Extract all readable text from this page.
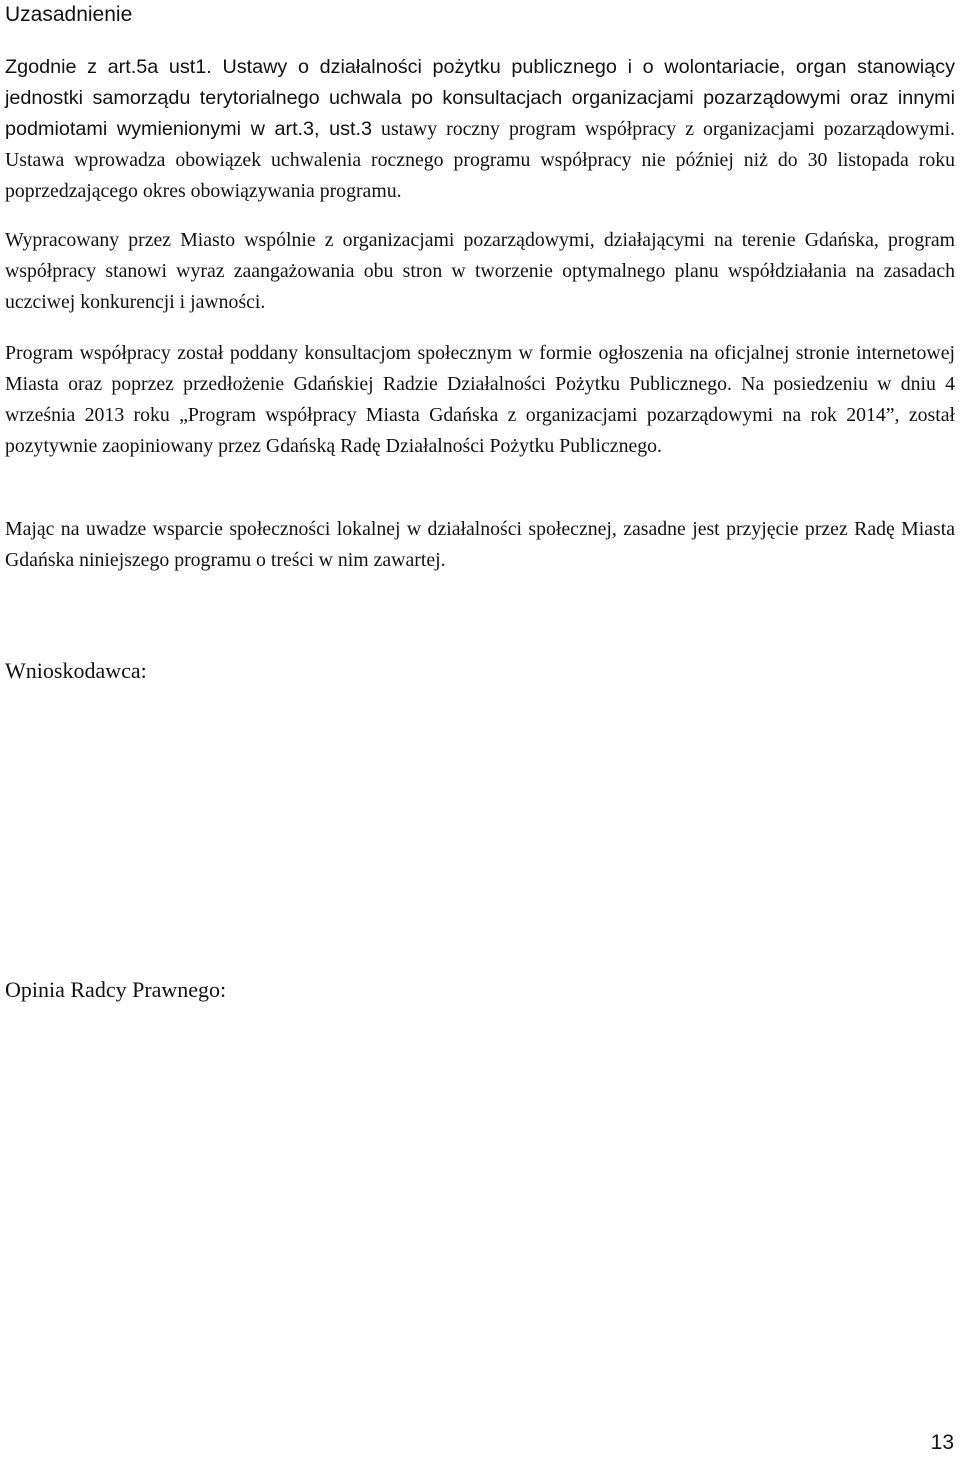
Uzasadnienie

Zgodnie z art.5a ust1. Ustawy o działalności pożytku publicznego i o wolontariacie, organ stanowiący jednostki samorządu terytorialnego uchwala po konsultacjach organizacjami pozarządowymi oraz innymi podmiotami wymienionymi w art.3, ust.3 ustawy roczny program współpracy z organizacjami pozarządowymi. Ustawa wprowadza obowiązek uchwalenia rocznego programu współpracy nie później niż do 30 listopada roku poprzedzającego okres obowiązywania programu.

Wypracowany przez Miasto wspólnie z organizacjami pozarządowymi, działającymi na terenie Gdańska, program współpracy stanowi wyraz zaangażowania obu stron w tworzenie optymalnego planu współdziałania na zasadach uczciwej konkurencji i jawności.

Program współpracy został poddany konsultacjom społecznym w formie ogłoszenia na oficjalnej stronie internetowej Miasta oraz poprzez przedłożenie Gdańskiej Radzie Działalności Pożytku Publicznego. Na posiedzeniu w dniu 4 września 2013 roku „Program współpracy Miasta Gdańska z organizacjami pozarządowymi na rok 2014”, został pozytywnie zaopiniowany przez Gdańską Radę Działalności Pożytku Publicznego.

Mając na uwadze wsparcie społeczności lokalnej w działalności społecznej, zasadne jest przyjęcie przez Radę Miasta Gdańska niniejszego programu o treści w nim zawartej.

Wnioskodawca:
Opinia Radcy Prawnego:
13
